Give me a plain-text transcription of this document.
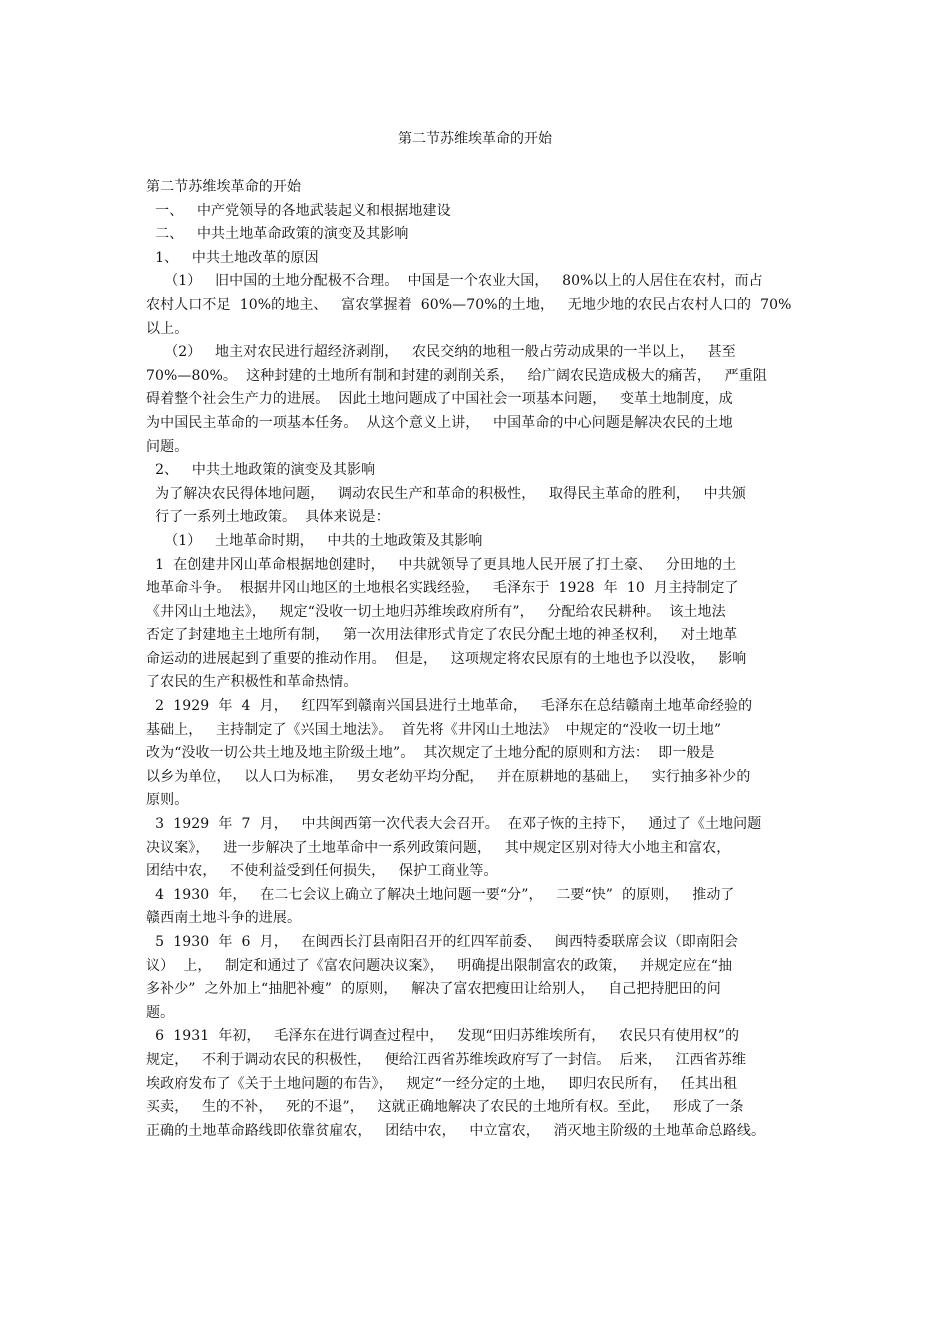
第二节苏维埃革命的开始
第二节苏维埃革命的开始
一、   中产党领导的各地武装起义和根据地建设
二、   中共土地革命政策的演变及其影响
1、   中共土地改革的原因
（1）   旧中国的土地分配极不合理。  中国是一个农业大国，   80%以上的人居住在农村，而占
农村人口不足  10%的地主、   富农掌握着  60%—70%的土地，   无地少地的农民占农村人口的  70%
以上。
（2）   地主对农民进行超经济剥削，   农民交纳的地租一般占劳动成果的一半以上，   甚至
70%—80%。  这种封建的土地所有制和封建的剥削关系，   给广阔农民造成极大的痛苦，   严重阻
碍着整个社会生产力的进展。  因此土地问题成了中国社会一项基本问题，   变革土地制度，成
为中国民主革命的一项基本任务。  从这个意义上讲，   中国革命的中心问题是解决农民的土地
问题。
2、   中共土地政策的演变及其影响
为了解决农民得体地问题，   调动农民生产和革命的积极性，   取得民主革命的胜利，   中共颁
行了一系列土地政策。  具体来说是：
（1）   土地革命时期，   中共的土地政策及其影响
1  在创建井冈山革命根据地创建时，   中共就领导了更具地人民开展了打土豪、   分田地的土
地革命斗争。  根据井冈山地区的土地根名实践经验，   毛泽东于  1928  年  10  月主持制定了
《井冈山土地法》，   规定“没收一切土地归苏维埃政府所有”，   分配给农民耕种。  该土地法
否定了封建地主土地所有制，   第一次用法律形式肯定了农民分配土地的神圣权利，   对土地革
命运动的进展起到了重要的推动作用。  但是，   这项规定将农民原有的土地也予以没收，   影响
了农民的生产积极性和革命热情。
2  1929  年  4  月，   红四军到赣南兴国县进行土地革命，   毛泽东在总结赣南土地革命经验的
基础上，   主持制定了《兴国土地法》。  首先将《井冈山土地法》  中规定的“没收一切土地”
改为“没收一切公共土地及地主阶级土地”。  其次规定了土地分配的原则和方法：  即一般是
以乡为单位，   以人口为标准，   男女老幼平均分配，   并在原耕地的基础上，   实行抽多补少的
原则。
3  1929  年  7  月，   中共闽西第一次代表大会召开。  在邓子恢的主持下，   通过了《土地问题
决议案》，   进一步解决了土地革命中一系列政策问题，   其中规定区别对待大小地主和富农，
团结中农，   不使利益受到任何损失，   保护工商业等。
4  1930  年，   在二七会议上确立了解决土地问题一要“分”，   二要“快”  的原则，   推动了
赣西南土地斗争的进展。
5  1930  年  6  月，   在闽西长汀县南阳召开的红四军前委、   闽西特委联席会议（即南阳会
议）  上，   制定和通过了《富农问题决议案》，   明确提出限制富农的政策，   并规定应在“抽
多补少”  之外加上“抽肥补瘦”  的原则，   解决了富农把瘦田让给别人，   自己把持肥田的问
题。
6  1931  年初，   毛泽东在进行调查过程中，   发现“田归苏维埃所有，   农民只有使用权”的
规定，   不利于调动农民的积极性，   便给江西省苏维埃政府写了一封信。  后来，   江西省苏维
埃政府发布了《关于土地问题的布告》，   规定“一经分定的土地，   即归农民所有，   任其出租
买卖，   生的不补，   死的不退”，   这就正确地解决了农民的土地所有权。至此，   形成了一条
正确的土地革命路线即依靠贫雇农，   团结中农，   中立富农，   消灭地主阶级的土地革命总路线。
